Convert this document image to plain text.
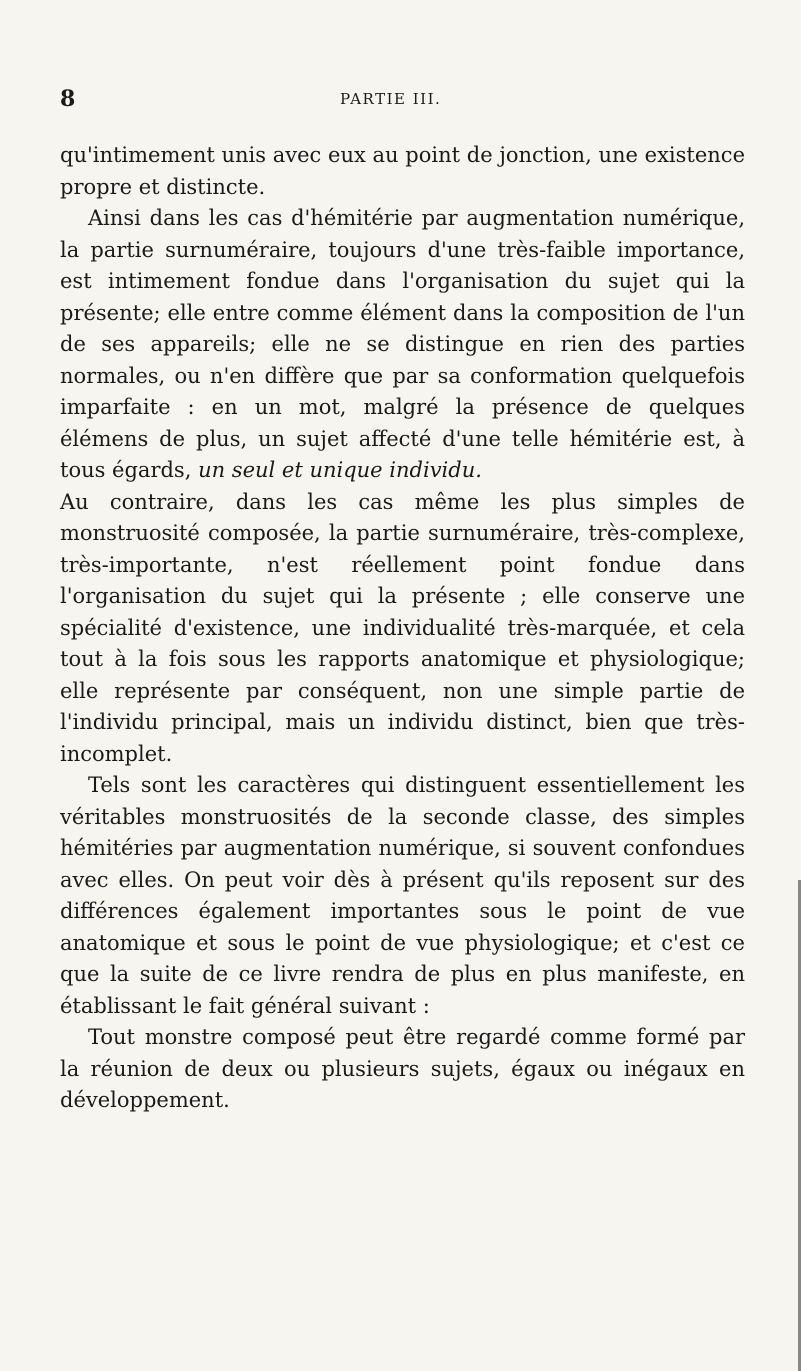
8	PARTIE III.

qu'intimement unis avec eux au point de jonction, une existence propre et distincte.

Ainsi dans les cas d'hémitérie par augmentation numérique, la partie surnuméraire, toujours d'une très-faible importance, est intimement fondue dans l'organisation du sujet qui la présente; elle entre comme élément dans la composition de l'un de ses appareils; elle ne se distingue en rien des parties normales, ou n'en diffère que par sa conformation quelquefois imparfaite : en un mot, malgré la présence de quelques élémens de plus, un sujet affecté d'une telle hémitérie est, à tous égards, un seul et unique individu.

Au contraire, dans les cas même les plus simples de monstruosité composée, la partie surnuméraire, très-complexe, très-importante, n'est réellement point fondue dans l'organisation du sujet qui la présente ; elle conserve une spécialité d'existence, une individualité très-marquée, et cela tout à la fois sous les rapports anatomique et physiologique; elle représente par conséquent, non une simple partie de l'individu principal, mais un individu distinct, bien que très-incomplet.

Tels sont les caractères qui distinguent essentiellement les véritables monstruosités de la seconde classe, des simples hémitéries par augmentation numérique, si souvent confondues avec elles. On peut voir dès à présent qu'ils reposent sur des différences également importantes sous le point de vue anatomique et sous le point de vue physiologique; et c'est ce que la suite de ce livre rendra de plus en plus manifeste, en établissant le fait général suivant :

Tout monstre composé peut être regardé comme formé par la réunion de deux ou plusieurs sujets, égaux ou inégaux en développement.
